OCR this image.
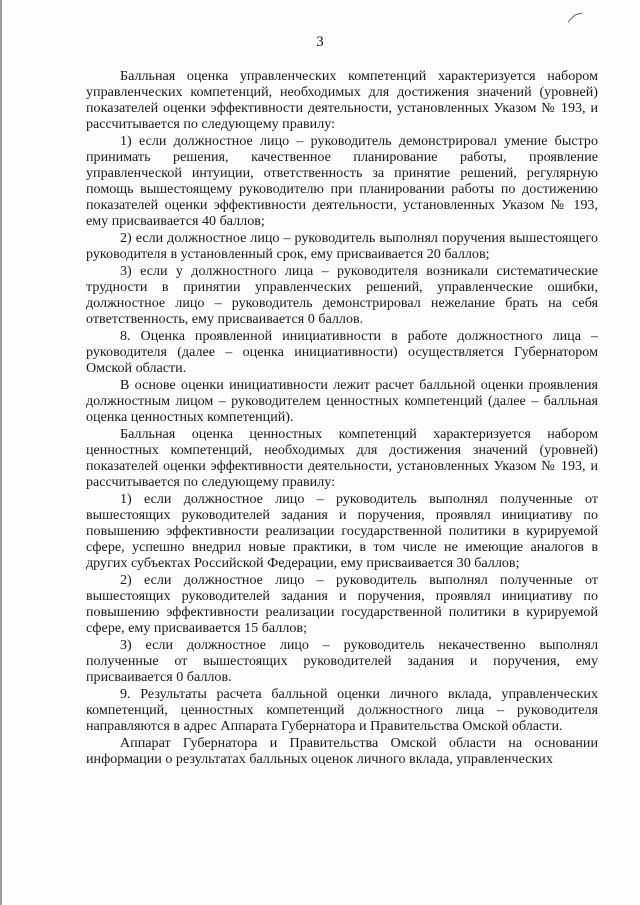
3

Балльная оценка управленческих компетенций характеризуется набором управленческих компетенций, необходимых для достижения значений (уровней) показателей оценки эффективности деятельности, установленных Указом № 193, и рассчитывается по следующему правилу:

1) если должностное лицо – руководитель демонстрировал умение быстро принимать решения, качественное планирование работы, проявление управленческой интуиции, ответственность за принятие решений, регулярную помощь вышестоящему руководителю при планировании работы по достижению показателей оценки эффективности деятельности, установленных Указом № 193, ему присваивается 40 баллов;

2) если должностное лицо – руководитель выполнял поручения вышестоящего руководителя в установленный срок, ему присваивается 20 баллов;

3) если у должностного лица – руководителя возникали систематические трудности в принятии управленческих решений, управленческие ошибки, должностное лицо – руководитель демонстрировал нежелание брать на себя ответственность, ему присваивается 0 баллов.

8. Оценка проявленной инициативности в работе должностного лица – руководителя (далее – оценка инициативности) осуществляется Губернатором Омской области.

В основе оценки инициативности лежит расчет балльной оценки проявления должностным лицом – руководителем ценностных компетенций (далее – балльная оценка ценностных компетенций).

Балльная оценка ценностных компетенций характеризуется набором ценностных компетенций, необходимых для достижения значений (уровней) показателей оценки эффективности деятельности, установленных Указом № 193, и рассчитывается по следующему правилу:

1) если должностное лицо – руководитель выполнял полученные от вышестоящих руководителей задания и поручения, проявлял инициативу по повышению эффективности реализации государственной политики в курируемой сфере, успешно внедрил новые практики, в том числе не имеющие аналогов в других субъектах Российской Федерации, ему присваивается 30 баллов;

2) если должностное лицо – руководитель выполнял полученные от вышестоящих руководителей задания и поручения, проявлял инициативу по повышению эффективности реализации государственной политики в курируемой сфере, ему присваивается 15 баллов;

3) если должностное лицо – руководитель некачественно выполнял полученные от вышестоящих руководителей задания и поручения, ему присваивается 0 баллов.

9. Результаты расчета балльной оценки личного вклада, управленческих компетенций, ценностных компетенций должностного лица – руководителя направляются в адрес Аппарата Губернатора и Правительства Омской области.

Аппарат Губернатора и Правительства Омской области на основании информации о результатах балльных оценок личного вклада, управленческих
